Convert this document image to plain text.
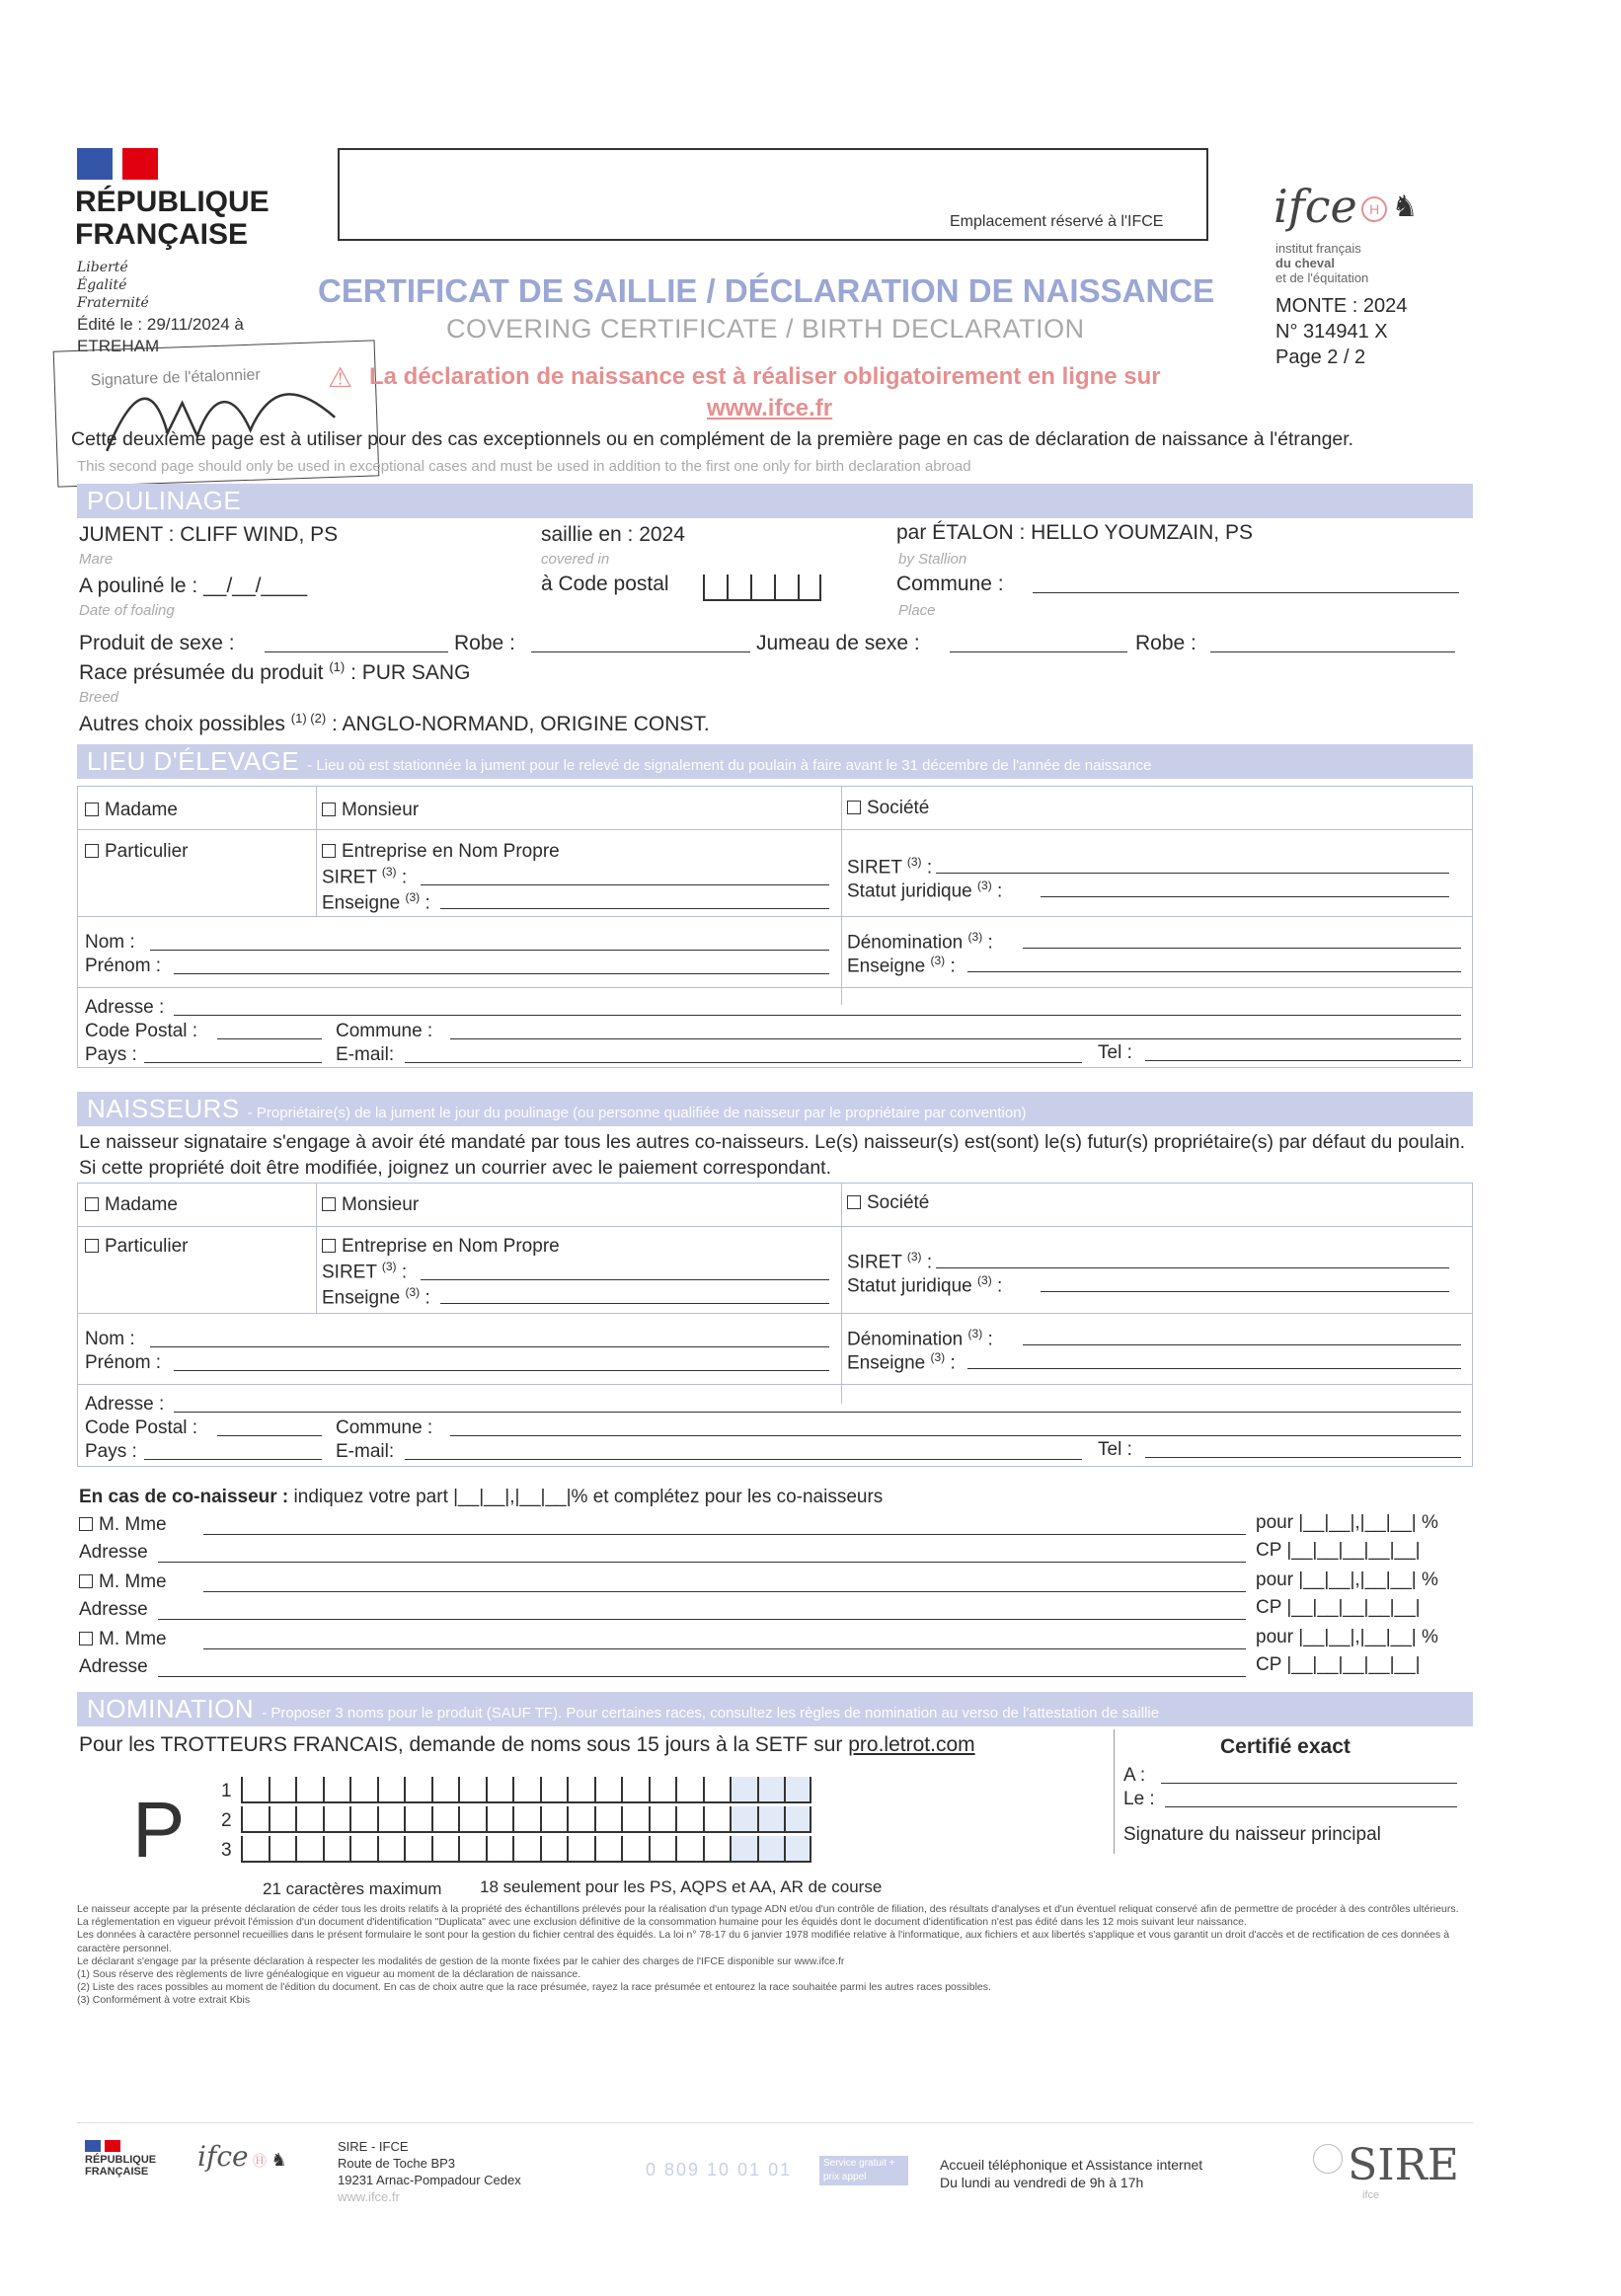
RÉPUBLIQUE
FRANÇAISE
Liberté
Égalité
Fraternité
Édité le : 29/11/2024 à
ETREHAM
Emplacement réservé à l'IFCE ifce H ♞
institut français
du cheval
et de l'équitation
MONTE : 2024
N° 314941 X
Page 2 / 2
CERTIFICAT DE SAILLIE / DÉCLARATION DE NAISSANCE
COVERING CERTIFICATE / BIRTH DECLARATION
Signature de l'étalonnier ⚠ La déclaration de naissance est à réaliser obligatoirement en ligne sur
www.ifce.fr
Cette deuxième page est à utiliser pour des cas exceptionnels ou en complément de la première page en cas de déclaration de naissance à l'étranger.
This second page should only be used in exceptional cases and must be used in addition to the first one only for birth declaration abroad
POULINAGE
JUMENT : CLIFF WIND, PS
Mare
saillie en : 2024
covered in
par ÉTALON : HELLO YOUMZAIN, PS
by Stallion
A pouliné le : __/__/____
Date of foaling
à Code postal	Commune :
Place
Produit de sexe :	Robe :	Jumeau de sexe :	Robe :
Race présumée du produit $^{(1)}$ : PUR SANG
Breed
Autres choix possibles $^{(1) (2)}$ : ANGLO-NORMAND, ORIGINE CONST.
LIEU D'ÉLEVAGE - Lieu où est stationnée la jument pour le relevé de signalement du poulain à faire avant le 31 décembre de l'année de naissance
Madame	Monsieur	Société
Particulier	Entreprise en Nom Propre
SIRET $^{(3)}$ :
Enseigne $^{(3)}$ :
SIRET $^{(3)}$ :
Statut juridique $^{(3)}$ :
Nom :
Prénom :
Dénomination $^{(3)}$ :
Enseigne $^{(3)}$ :
Adresse :
Code Postal :	Commune :
Pays :	E-mail:	Tel :
NAISSEURS - Propriétaire(s) de la jument le jour du poulinage (ou personne qualifiée de naisseur par le propriétaire par convention)
Le naisseur signataire s'engage à avoir été mandaté par tous les autres co-naisseurs. Le(s) naisseur(s) est(sont) le(s) futur(s) propriétaire(s) par défaut du poulain. Si cette propriété doit être modifiée, joignez un courrier avec le paiement correspondant.
Madame	Monsieur	Société
Particulier	Entreprise en Nom Propre
SIRET $^{(3)}$ :
Enseigne $^{(3)}$ :
SIRET $^{(3)}$ :
Statut juridique $^{(3)}$ :
Nom :
Prénom :
Dénomination $^{(3)}$ :
Enseigne $^{(3)}$ :
Adresse :
Code Postal :	Commune :
Pays :	E-mail:	Tel :
En cas de co-naisseur : indiquez votre part |__|__|,|__|__|% et complétez pour les co-naisseurs
M. Mme	pour |__|__|,|__|__| %
Adresse	CP |__|__|__|__|__|
M. Mme	pour |__|__|,|__|__| %
Adresse	CP |__|__|__|__|__|
M. Mme	pour |__|__|,|__|__| %
Adresse	CP |__|__|__|__|__|
NOMINATION - Proposer 3 noms pour le produit (SAUF TF). Pour certaines races, consultez les règles de nomination au verso de l'attestation de saillie
Pour les TROTTEURS FRANCAIS, demande de noms sous 15 jours à la SETF sur pro.letrot.com	Certifié exact
A :
Le :
Signature du naisseur principal
P 1
2
3
21 caractères maximum 18 seulement pour les PS, AQPS et AA, AR de course
Le naisseur accepte par la présente déclaration de céder tous les droits relatifs à la propriété des échantillons prélevés pour la réalisation d'un typage ADN et/ou d'un contrôle de filiation, des résultats d'analyses et d'un éventuel reliquat conservé afin de permettre de procéder à des contrôles ultérieurs.
La réglementation en vigueur prévoit l'émission d'un document d'identification "Duplicata" avec une exclusion définitive de la consommation humaine pour les équidés dont le document d'identification n'est pas édité dans les 12 mois suivant leur naissance.
Les données à caractère personnel recueillies dans le présent formulaire le sont pour la gestion du fichier central des équidés. La loi n° 78-17 du 6 janvier 1978 modifiée relative à l'informatique, aux fichiers et aux libertés s'applique et vous garantit un droit d'accès et de rectification de ces données à caractère personnel.
Le déclarant s'engage par la présente déclaration à respecter les modalités de gestion de la monte fixées par le cahier des charges de l'IFCE disponible sur www.ifce.fr
(1) Sous réserve des règlements de livre généalogique en vigueur au moment de la déclaration de naissance.
(2) Liste des races possibles au moment de l'édition du document. En cas de choix autre que la race présumée, rayez la race présumée et entourez la race souhaitée parmi les autres races possibles.
(3) Conformément à votre extrait Kbis
RÉPUBLIQUE
FRANÇAISE ifce Ⓗ ♞
SIRE - IFCE
Route de Toche BP3
19231 Arnac-Pompadour Cedex
www.ifce.fr
0 809 10 01 01	Service gratuit + prix appel
Accueil téléphonique et Assistance internet
Du lundi au vendredi de 9h à 17h	SIRE
ifce
